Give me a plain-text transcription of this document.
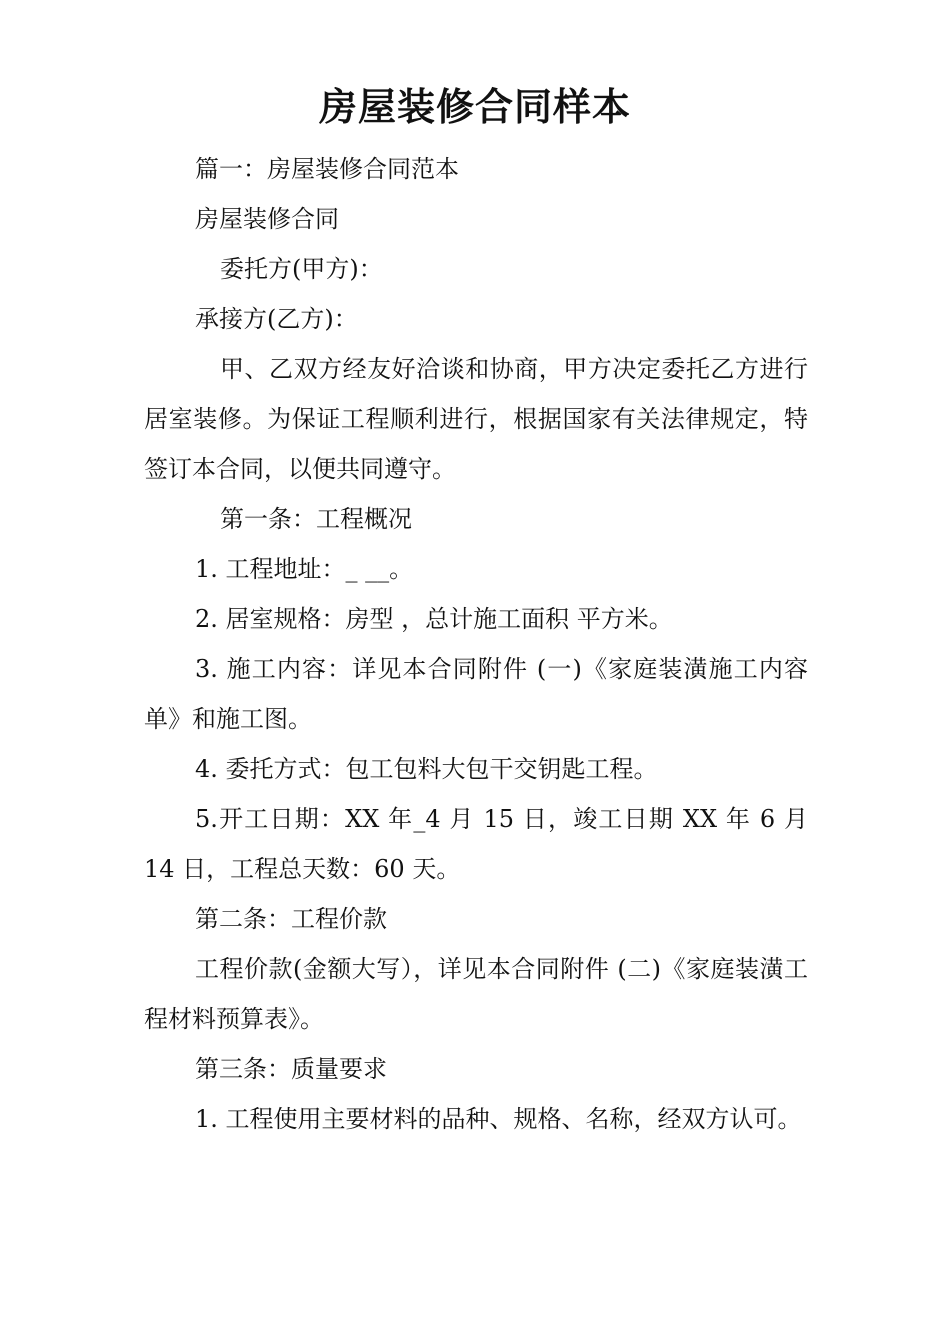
房屋装修合同样本

篇一：房屋装修合同范本

房屋装修合同

委托方(甲方)：

承接方(乙方)：

甲、乙双方经友好洽谈和协商，甲方决定委托乙方进行居室装修。为保证工程顺利进行，根据国家有关法律规定，特签订本合同，以便共同遵守。

第一条：工程概况

1. 工程地址：_ __。

2. 居室规格：房型 ，总计施工面积 平方米。

3. 施工内容：详见本合同附件 (一)《家庭装潢施工内容单》和施工图。

4. 委托方式：包工包料大包干交钥匙工程。

5.开工日期：XX 年_4 月 15 日，竣工日期 XX 年 6 月 14 日，工程总天数：60 天。

第二条：工程价款

工程价款(金额大写），详见本合同附件 (二)《家庭装潢工程材料预算表》。

第三条：质量要求

1. 工程使用主要材料的品种、规格、名称，经双方认可。
